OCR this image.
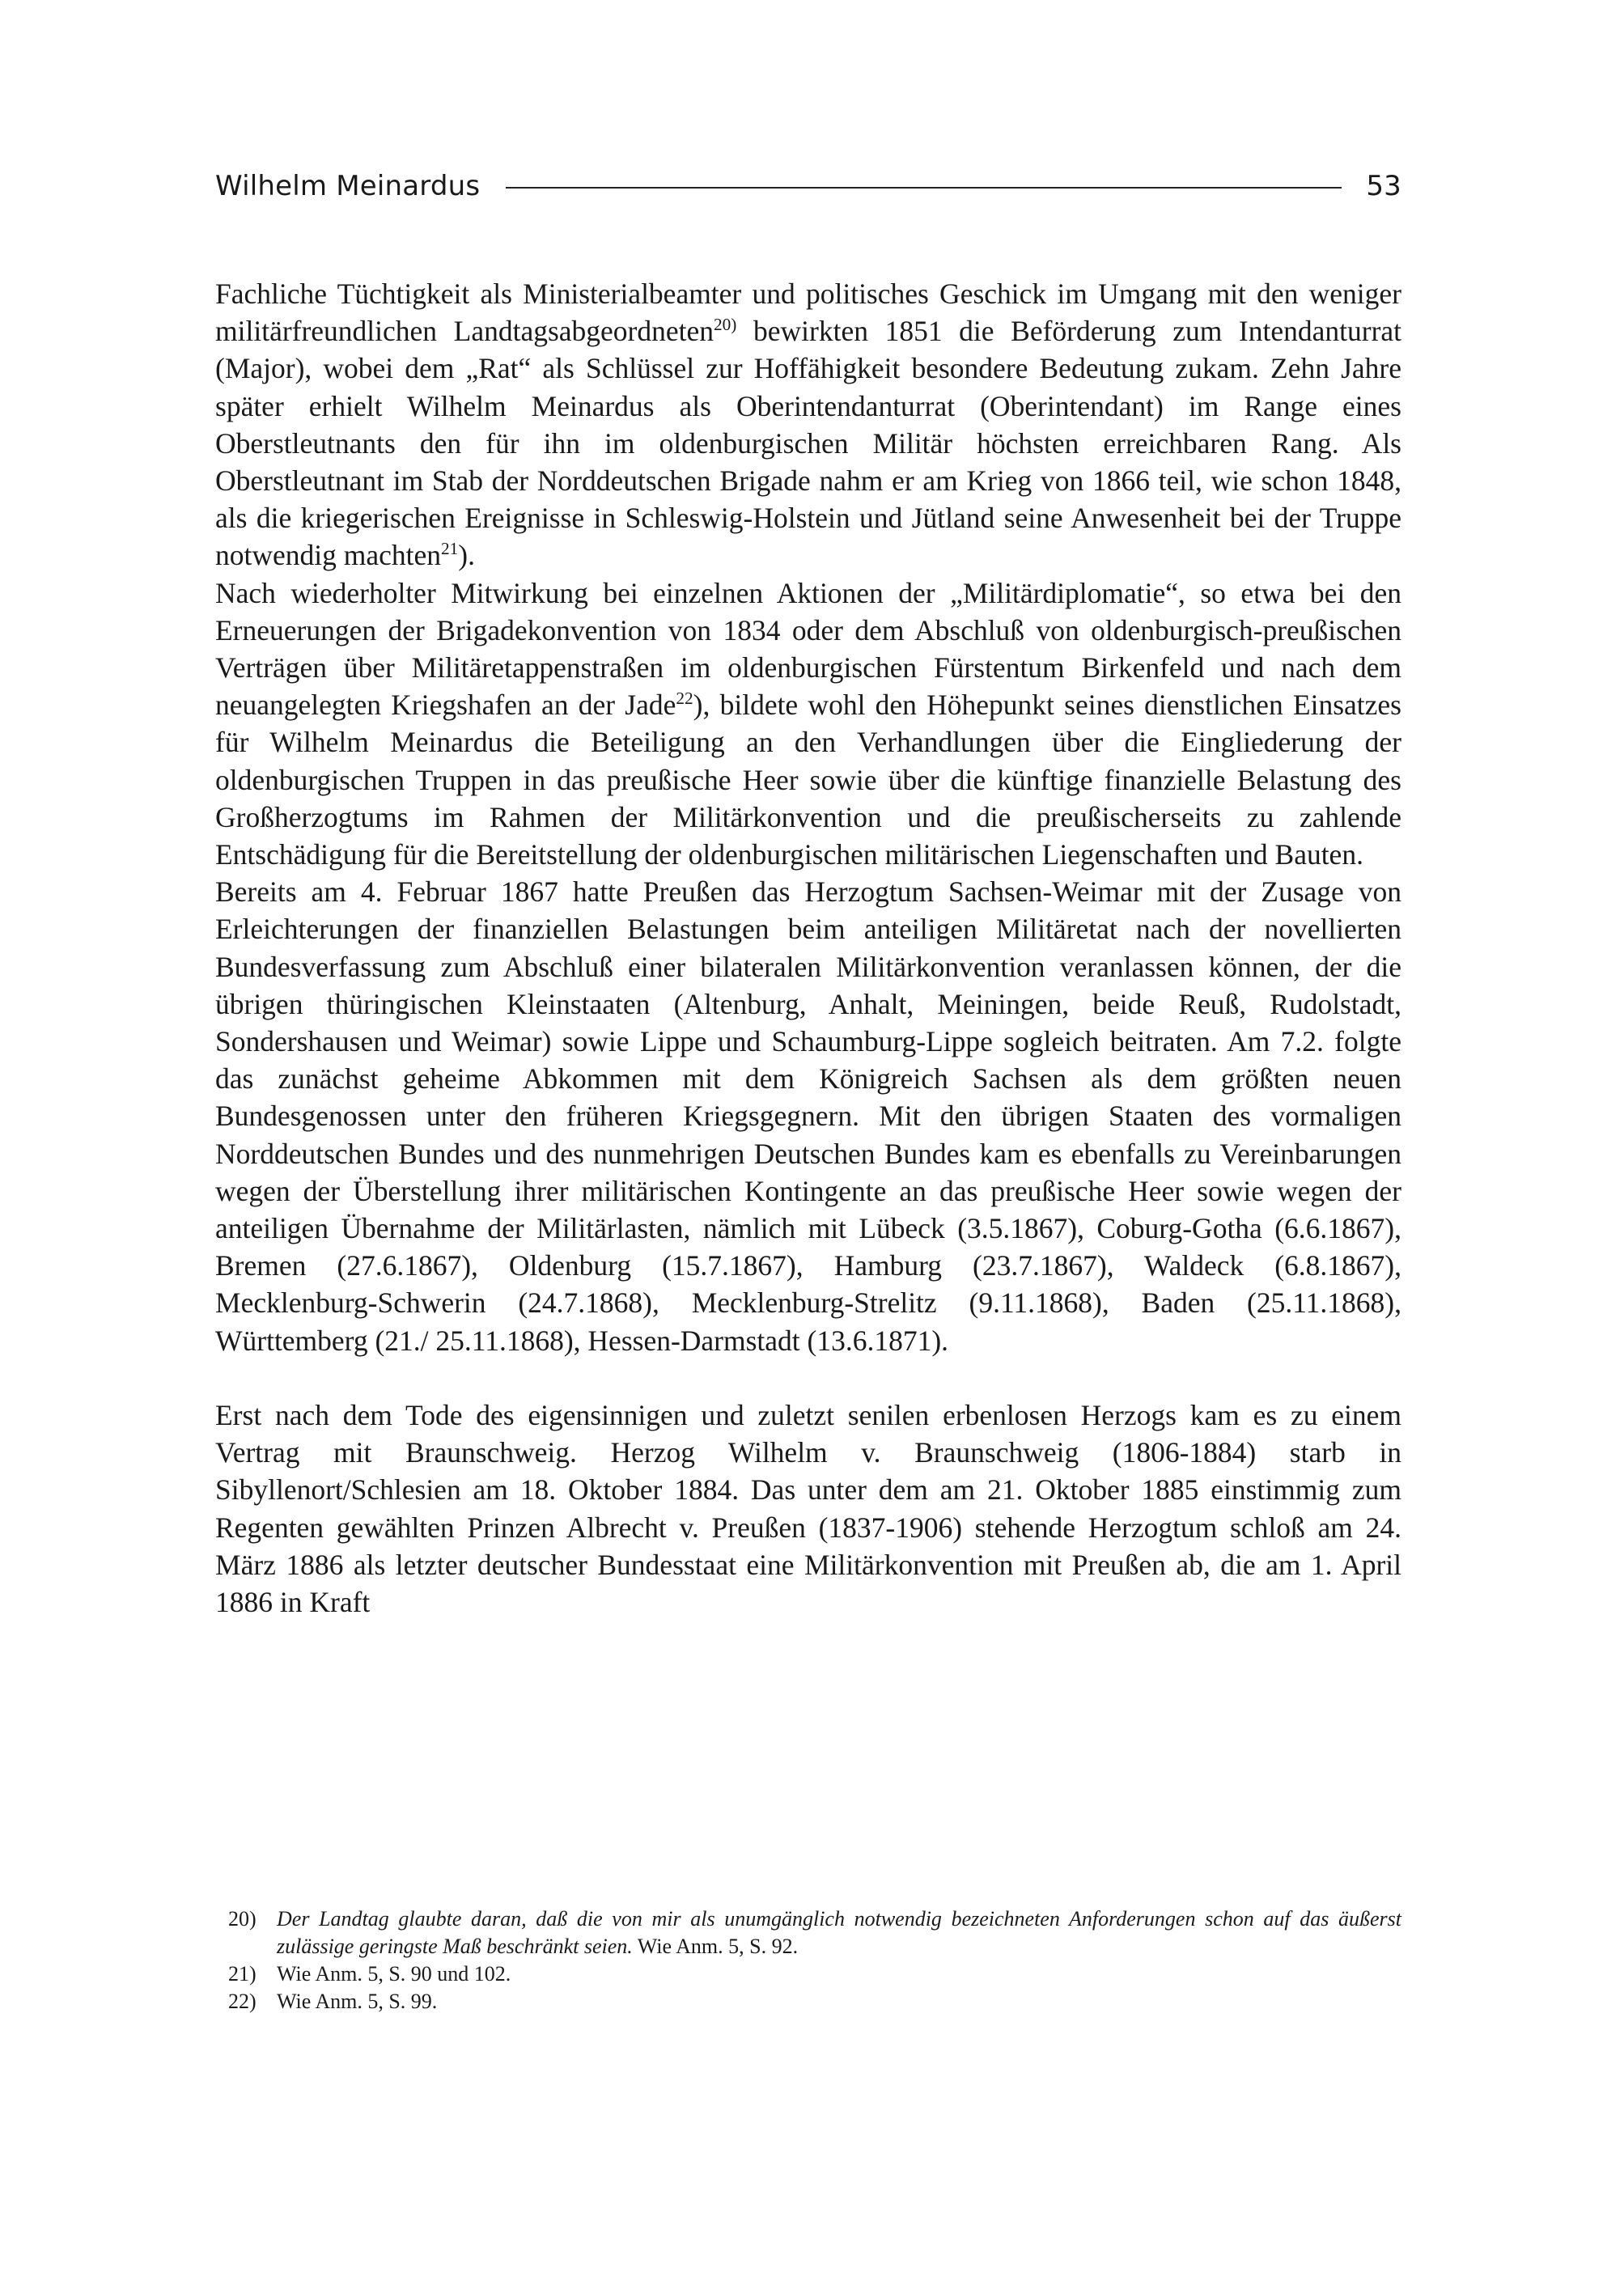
Wilhelm Meinardus	53

Fachliche Tüchtigkeit als Ministerialbeamter und politisches Geschick im Umgang mit den weniger militärfreundlichen Landtagsabgeordneten$^{20)}$ bewirkten 1851 die Beförderung zum Intendanturrat (Major), wobei dem „Rat“ als Schlüssel zur Hoffähigkeit besondere Bedeutung zukam. Zehn Jahre später erhielt Wilhelm Meinardus als Oberintendanturrat (Oberintendant) im Range eines Oberstleutnants den für ihn im oldenburgischen Militär höchsten erreichbaren Rang. Als Oberstleutnant im Stab der Norddeutschen Brigade nahm er am Krieg von 1866 teil, wie schon 1848, als die kriegerischen Ereignisse in Schleswig-Holstein und Jütland seine Anwesenheit bei der Truppe notwendig machten$^{21}$).

Nach wiederholter Mitwirkung bei einzelnen Aktionen der „Militärdiplomatie“, so etwa bei den Erneuerungen der Brigadekonvention von 1834 oder dem Abschluß von oldenburgisch-preußischen Verträgen über Militäretappenstraßen im oldenburgischen Fürstentum Birkenfeld und nach dem neuangelegten Kriegshafen an der Jade$^{22}$), bildete wohl den Höhepunkt seines dienstlichen Einsatzes für Wilhelm Meinardus die Beteiligung an den Verhandlungen über die Eingliederung der oldenburgischen Truppen in das preußische Heer sowie über die künftige finanzielle Belastung des Großherzogtums im Rahmen der Militärkonvention und die preußischerseits zu zahlende Entschädigung für die Bereitstellung der oldenburgischen militärischen Liegenschaften und Bauten.

Bereits am 4. Februar 1867 hatte Preußen das Herzogtum Sachsen-Weimar mit der Zusage von Erleichterungen der finanziellen Belastungen beim anteiligen Militäretat nach der novellierten Bundesverfassung zum Abschluß einer bilateralen Militärkonvention veranlassen können, der die übrigen thüringischen Kleinstaaten (Altenburg, Anhalt, Meiningen, beide Reuß, Rudolstadt, Sondershausen und Weimar) sowie Lippe und Schaumburg-Lippe sogleich beitraten. Am 7.2. folgte das zunächst geheime Abkommen mit dem Königreich Sachsen als dem größten neuen Bundesgenossen unter den früheren Kriegsgegnern. Mit den übrigen Staaten des vormaligen Norddeutschen Bundes und des nunmehrigen Deutschen Bundes kam es ebenfalls zu Vereinbarungen wegen der Überstellung ihrer militärischen Kontingente an das preußische Heer sowie wegen der anteiligen Übernahme der Militärlasten, nämlich mit Lübeck (3.5.1867), Coburg-Gotha (6.6.1867), Bremen (27.6.1867), Oldenburg (15.7.1867), Hamburg (23.7.1867), Waldeck (6.8.1867), Mecklenburg-Schwerin (24.7.1868), Mecklenburg-Strelitz (9.11.1868), Baden (25.11.1868), Württemberg (21./ 25.11.1868), Hessen-Darmstadt (13.6.1871).

Erst nach dem Tode des eigensinnigen und zuletzt senilen erbenlosen Herzogs kam es zu einem Vertrag mit Braunschweig. Herzog Wilhelm v. Braunschweig (1806-1884) starb in Sibyllenort/Schlesien am 18. Oktober 1884. Das unter dem am 21. Oktober 1885 einstimmig zum Regenten gewählten Prinzen Albrecht v. Preußen (1837-1906) stehende Herzogtum schloß am 24. März 1886 als letzter deutscher Bundesstaat eine Militärkonvention mit Preußen ab, die am 1. April 1886 in Kraft

20) Der Landtag glaubte daran, daß die von mir als unumgänglich notwendig bezeichneten Anforderungen schon auf das äußerst zulässige geringste Maß beschränkt seien. Wie Anm. 5, S. 92.
21) Wie Anm. 5, S. 90 und 102.
22) Wie Anm. 5, S. 99.
